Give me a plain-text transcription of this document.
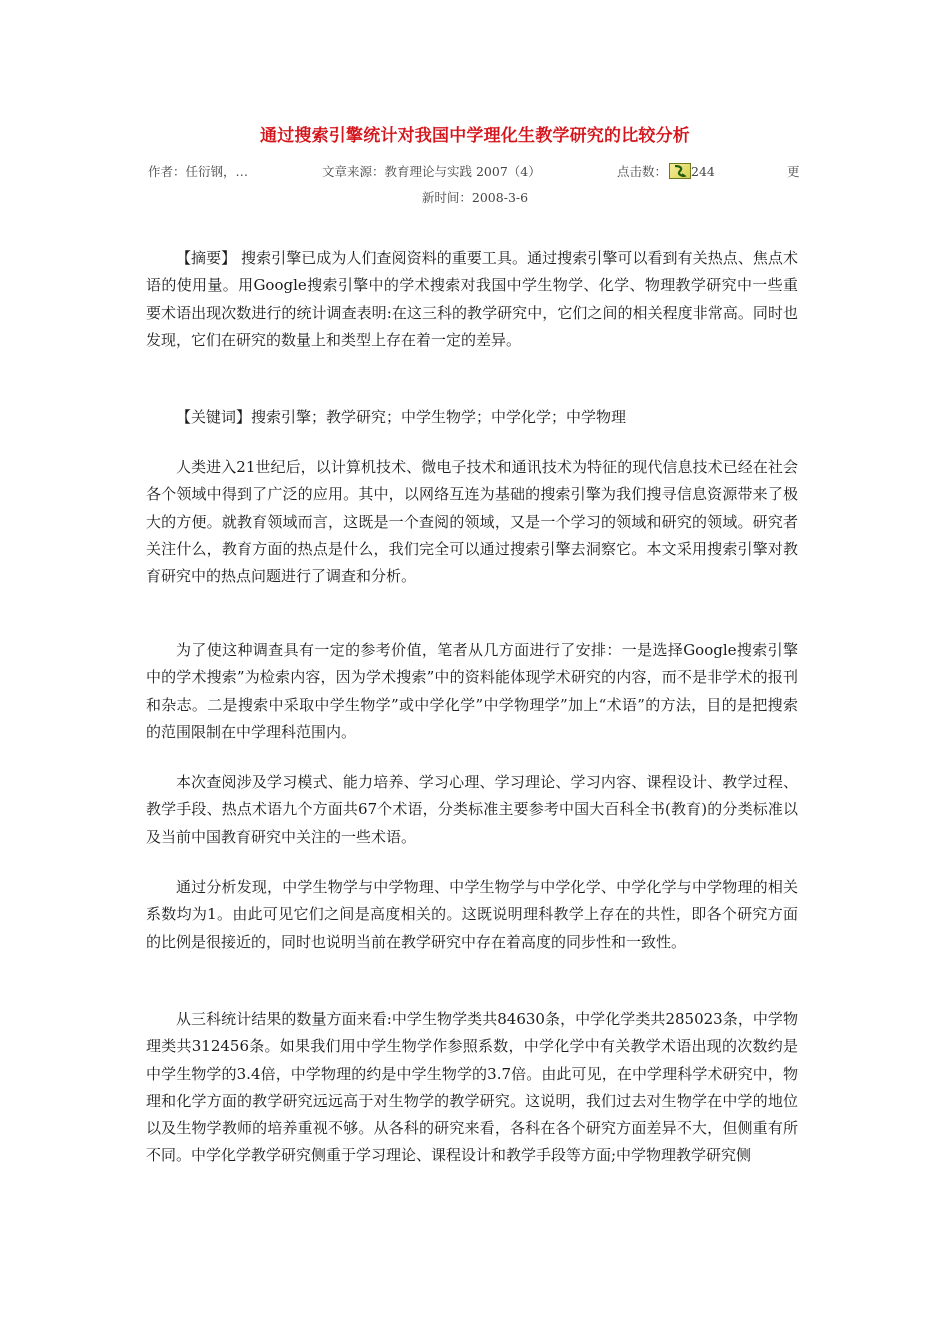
通过搜索引擎统计对我国中学理化生教学研究的比较分析
作者：任衍钢，…	文章来源：教育理论与实践 2007（4）	点击数： 244	更
新时间：2008-3-6

【摘要】 搜索引擎已成为人们查阅资料的重要工具。通过搜索引擎可以看到有关热点、焦点术语的使用量。用Google搜索引擎中的学术搜索对我国中学生物学、化学、物理教学研究中一些重要术语出现次数进行的统计调查表明:在这三科的教学研究中，它们之间的相关程度非常高。同时也发现，它们在研究的数量上和类型上存在着一定的差异。

【关键词】搜索引擎；教学研究；中学生物学；中学化学；中学物理

人类进入21世纪后，以计算机技术、微电子技术和通讯技术为特征的现代信息技术已经在社会各个领域中得到了广泛的应用。其中，以网络互连为基础的搜索引擎为我们搜寻信息资源带来了极大的方便。就教育领域而言，这既是一个查阅的领域，又是一个学习的领域和研究的领域。研究者关注什么，教育方面的热点是什么，我们完全可以通过搜索引擎去洞察它。本文采用搜索引擎对教育研究中的热点问题进行了调查和分析。

为了使这种调查具有一定的参考价值，笔者从几方面进行了安排：一是选择Google搜索引擎中的学术搜索”为检索内容，因为学术搜索”中的资料能体现学术研究的内容，而不是非学术的报刊和杂志。二是搜索中采取中学生物学”或中学化学”中学物理学”加上“术语”的方法，目的是把搜索的范围限制在中学理科范围内。

本次查阅涉及学习模式、能力培养、学习心理、学习理论、学习内容、课程设计、教学过程、教学手段、热点术语九个方面共67个术语，分类标准主要参考中国大百科全书(教育)的分类标准以及当前中国教育研究中关注的一些术语。

通过分析发现，中学生物学与中学物理、中学生物学与中学化学、中学化学与中学物理的相关系数均为1。由此可见它们之间是高度相关的。这既说明理科教学上存在的共性，即各个研究方面的比例是很接近的，同时也说明当前在教学研究中存在着高度的同步性和一致性。

从三科统计结果的数量方面来看:中学生物学类共84630条，中学化学类共285023条，中学物理类共312456条。如果我们用中学生物学作参照系数，中学化学中有关教学术语出现的次数约是中学生物学的3.4倍，中学物理的约是中学生物学的3.7倍。由此可见，在中学理科学术研究中，物理和化学方面的教学研究远远高于对生物学的教学研究。这说明，我们过去对生物学在中学的地位以及生物学教师的培养重视不够。从各科的研究来看，各科在各个研究方面差异不大，但侧重有所不同。中学化学教学研究侧重于学习理论、课程设计和教学手段等方面;中学物理教学研究侧
